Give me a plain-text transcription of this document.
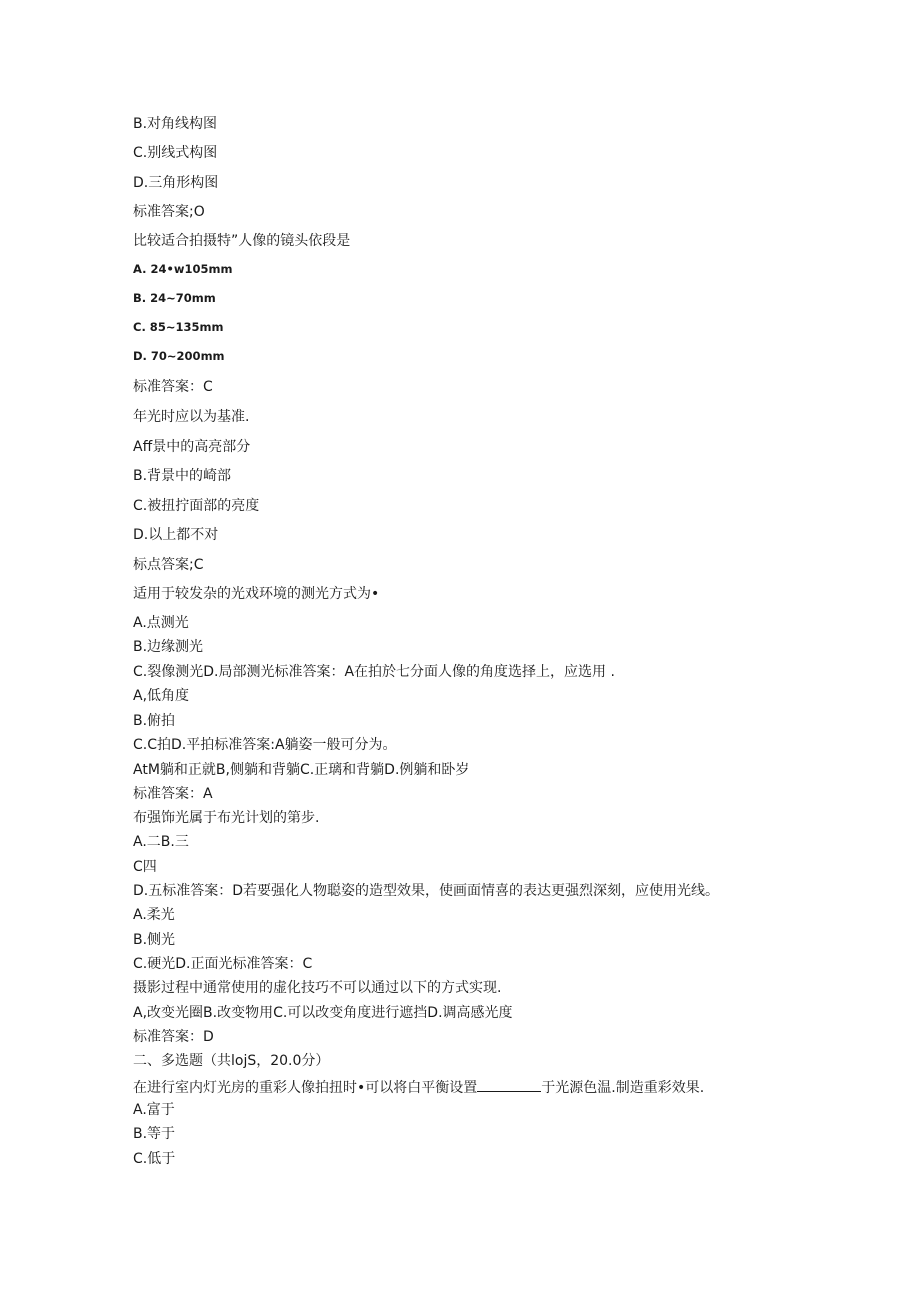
B.对角线构图
C.别线式构图
D.三角形构图
标准答案;O
比较适合拍摄特”人像的镜头依段是
A. 24•w105mm
B. 24~70mm
C. 85~135mm
D. 70~200mm
标准答案：C
年光时应以为基准.
Aff景中的高亮部分
B.背景中的崎部
C.被扭拧面部的亮度
D.以上都不对
标点答案;C
适用于较发杂的光戏环境的测光方式为•
A.点测光
B.边缘测光
C.裂像测光D.局部测光标准答案：A在拍於七分面人像的角度选择上，应选用 .
A,低角度
B.俯拍
C.C拍D.平拍标准答案:A躺姿一般可分为。
AtM躺和正就B,侧躺和背躺C.正璃和背躺D.例躺和卧岁
标准答案：A
布强饰光属于布光计划的第步.
A.二B.三
C四
D.五标准答案：D若要强化人物聪姿的造型效果，使画面情喜的表达更强烈深刻，应使用光线。
A.柔光
B.侧光
C.硬光D.正面光标准答案：C
摄影过程中通常使用的虚化技巧不可以通过以下的方式实现.
A,改变光圈B.改变物用C.可以改变角度进行遮挡D.调高感光度
标准答案：D
二、多选题（共lojS，20.0分）
在进行室内灯光房的重彩人像拍扭时•可以将白平衡设置	于光源色温.制造重彩效果.
A.富于
B.等于
C.低于
